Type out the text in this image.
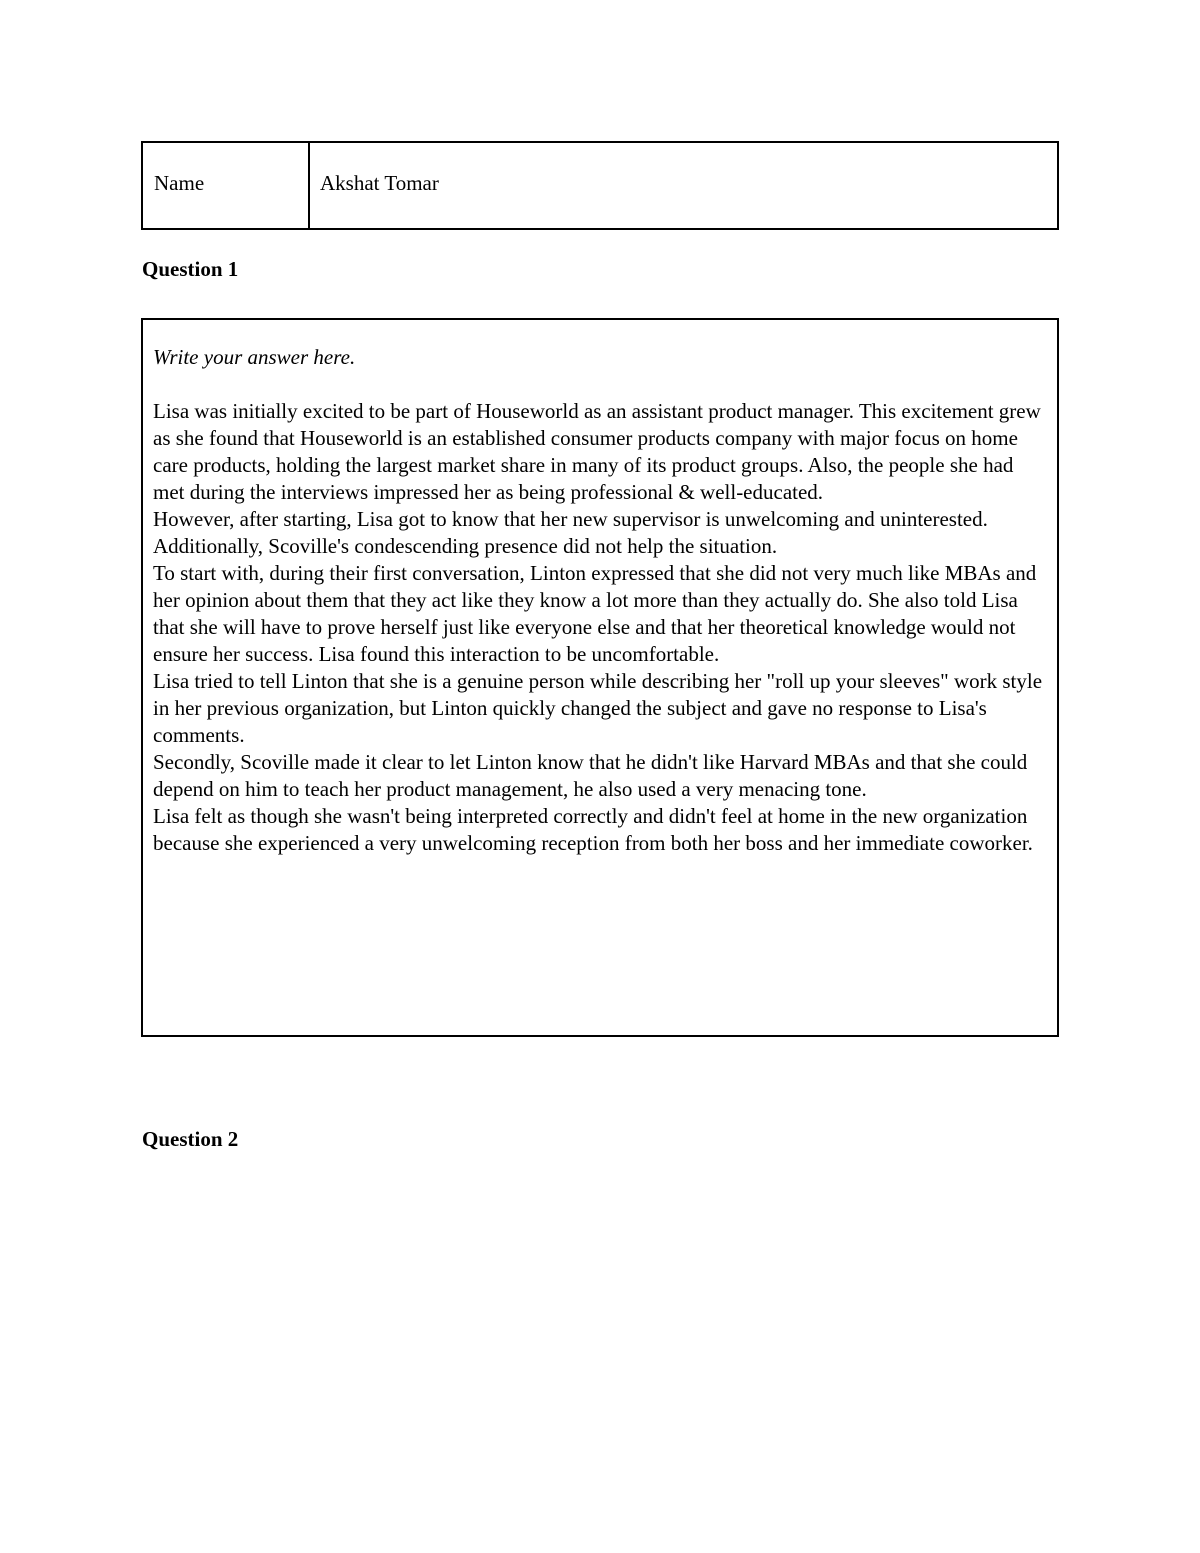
Name	Akshat Tomar
Question 1

Write your answer here.

Lisa was initially excited to be part of Houseworld as an assistant product manager. This excitement grew as she found that Houseworld is an established consumer products company with major focus on home care products, holding the largest market share in many of its product groups. Also, the people she had met during the interviews impressed her as being professional & well-educated.

However, after starting, Lisa got to know that her new supervisor is unwelcoming and uninterested. Additionally, Scoville's condescending presence did not help the situation.

To start with, during their first conversation, Linton expressed that she did not very much like MBAs and her opinion about them that they act like they know a lot more than they actually do. She also told Lisa that she will have to prove herself just like everyone else and that her theoretical knowledge would not ensure her success. Lisa found this interaction to be uncomfortable.

Lisa tried to tell Linton that she is a genuine person while describing her "roll up your sleeves" work style in her previous organization, but Linton quickly changed the subject and gave no response to Lisa's comments.

Secondly, Scoville made it clear to let Linton know that he didn't like Harvard MBAs and that she could depend on him to teach her product management, he also used a very menacing tone.

Lisa felt as though she wasn't being interpreted correctly and didn't feel at home in the new organization because she experienced a very unwelcoming reception from both her boss and her immediate coworker.

Question 2
